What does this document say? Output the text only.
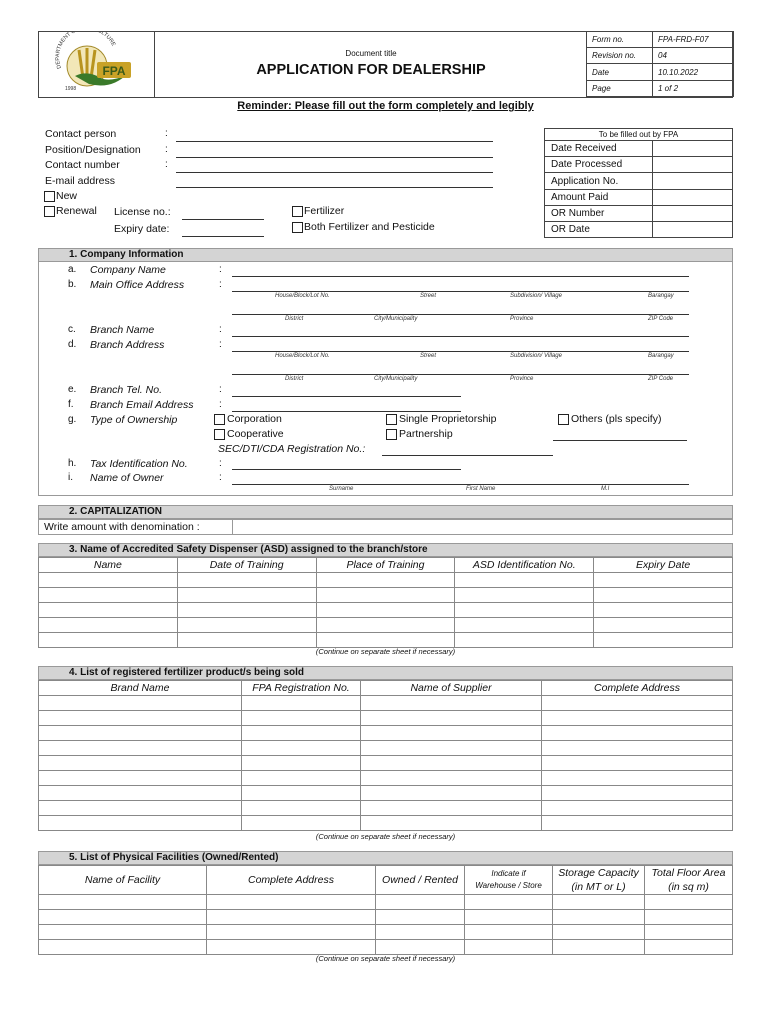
DEPARTMENT LTURE
FPA
1998
Document title
APPLICATION FOR DEALERSHIP
Form no.	FPA-FRD-F07
Revision no.	04
Date	10.10.2022
Page	1 of 2
Reminder: Please fill out the form completely and legibly
Contact person	:
Position/Designation :
Contact number	:
E-mail address
New
Renewal License no.:
Expiry date:
Fertilizer
Both Fertilizer and Pesticide
To be filled out by FPA	
Date Received	
Date Processed	
Application No.	
Amount Paid	
OR Number	
OR Date	
1. Company Information
a. Company Name	:
b. Main Office Address	:
House/Block/Lot No.	Street	Subdivision/ Village	Barangay
District	City/Municipality	Province	ZIP Code
c. Branch Name	:
d. Branch Address	:
House/Block/Lot No.	Street	Subdivision/ Village	Barangay
District	City/Municipality	Province	ZIP Code
e. Branch Tel. No.	:
f. Branch Email Address	:
g. Type of Ownership	Corporation
Cooperative
Single Proprietorship
Partnership
Others (pls specify)
SEC/DTI/CDA Registration No.:
h. Tax Identification No.	:
i. Name of Owner	:
Surname	First Name	M.I
2. CAPITALIZATION
Write amount with denomination :
3. Name of Accredited Safety Dispenser (ASD) assigned to the branch/store
Name	Date of Training	Place of Training	ASD Identification No.	Expiry Date

(Continue on separate sheet if necessary)
4. List of registered fertilizer product/s being sold
Brand Name	FPA Registration No.	Name of Supplier	Complete Address

(Continue on separate sheet if necessary)
5. List of Physical Facilities (Owned/Rented)
Name of Facility	Complete Address	Owned / Rented	Indicate if Warehouse / Store	Storage Capacity (in MT or L)	Total Floor Area (in sq m)

(Continue on separate sheet if necessary)
